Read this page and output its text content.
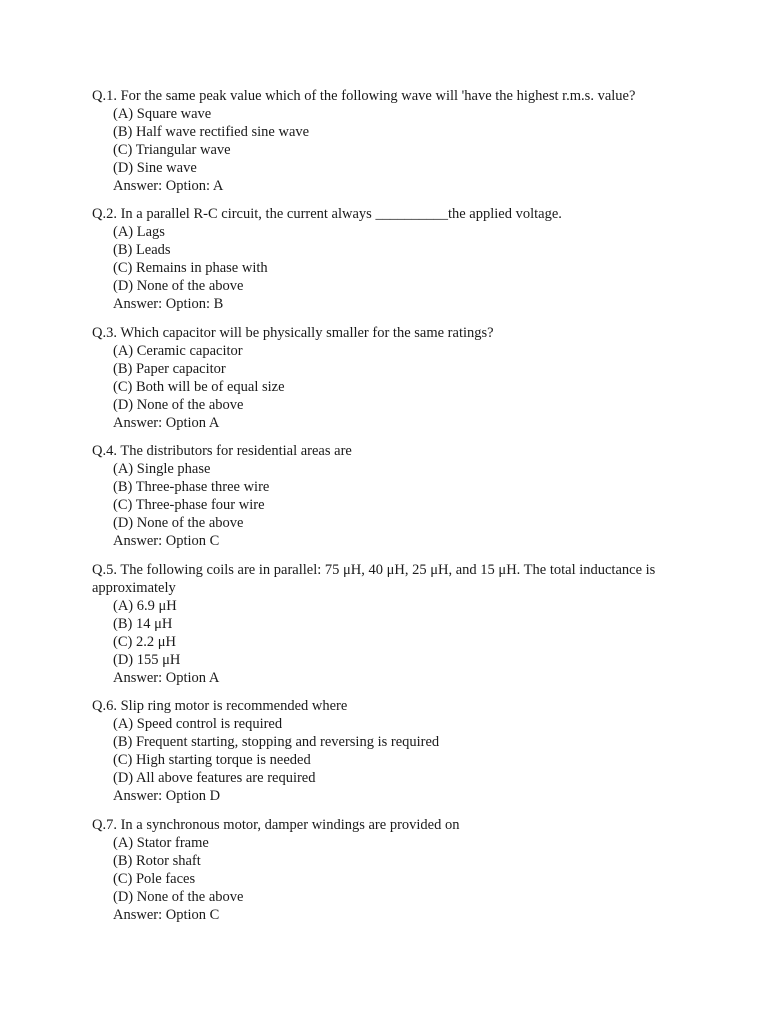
Q.1. For the same peak value which of the following wave will 'have the highest r.m.s. value?

(A) Square wave

(B) Half wave rectified sine wave

(C) Triangular wave

(D) Sine wave

Answer: Option: A

Q.2. In a parallel R-C circuit, the current always __________the applied voltage.

(A) Lags

(B) Leads

(C) Remains in phase with

(D) None of the above

Answer: Option: B

Q.3. Which capacitor will be physically smaller for the same ratings?

(A) Ceramic capacitor

(B) Paper capacitor

(C) Both will be of equal size

(D) None of the above

Answer: Option A

Q.4. The distributors for residential areas are

(A) Single phase

(B) Three-phase three wire

(C) Three-phase four wire

(D) None of the above

Answer: Option C

Q.5. The following coils are in parallel: 75 μH, 40 μH, 25 μH, and 15 μH. The total inductance is approximately

(A) 6.9 μH

(B) 14 μH

(C) 2.2 μH

(D) 155 μH

Answer: Option A

Q.6. Slip ring motor is recommended where

(A) Speed control is required

(B) Frequent starting, stopping and reversing is required

(C) High starting torque is needed

(D) All above features are required

Answer: Option D

Q.7. In a synchronous motor, damper windings are provided on

(A) Stator frame

(B) Rotor shaft

(C) Pole faces

(D) None of the above

Answer: Option C
